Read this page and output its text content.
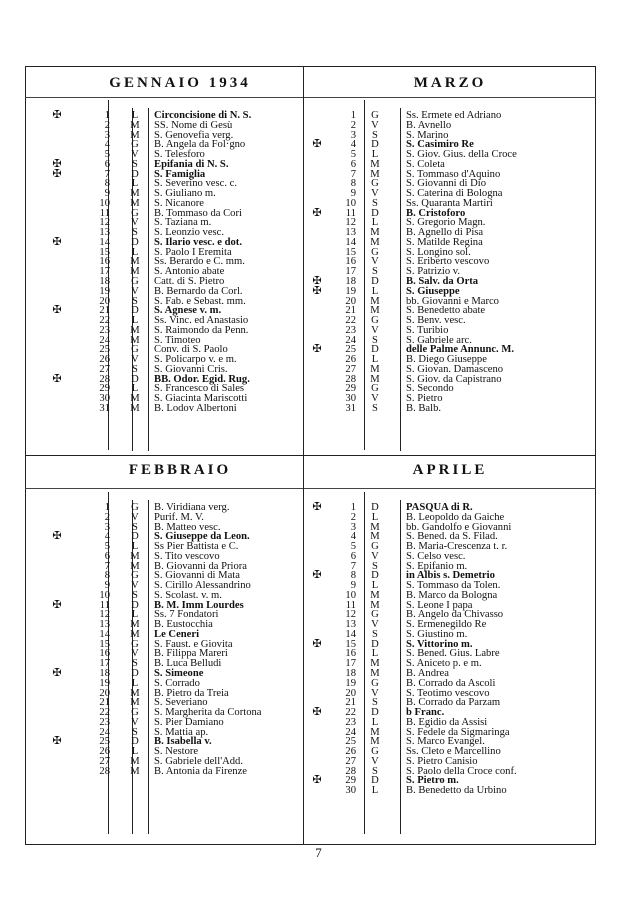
GENNAIO 1934	MARZO
FEBBRAIO	APRILE
✠	1	L	Circoncisione di N. S.
2 M SS. Nome di Gesù
3 M S. Genovefia verg.
4 G B. Angela da Fol·gno
5 V S. Telesforo
✠	6	S	Epifania di N. S.
✠	7 D S. Famiglia
8	L	S. Severino vesc. c.
9 M S. Giuliano m.
10 M S. Nicanore
11 G B. Tommaso da Cori
12 V S. Taziana m.
13	S	S. Leonzio vesc.
✠	14 D S. Ilario vesc. e dot.
15	L	S. Paolo I Eremita
16 M Ss. Berardo e C. mm.
17 M S. Antonio abate
18 G Catt. di S. Pietro
19 V B. Bernardo da Corl.
20	S	S. Fab. e Sebast. mm.
✠	21 D S. Agnese v. m.
22	L	Ss. Vinc. ed Anastasio
23 M S. Raimondo da Penn.
24 M S. Timoteo
25 G Conv. di S. Paolo
26 V S. Policarpo v. e m.
27	S	S. Giovanni Cris.
✠	28 D BB. Odor. Egid. Rug.
29	L	S. Francesco di Sales
30 M S. Giacinta Mariscotti
31 M B. Lodov Albertoni
1 G	Ss. Ermete ed Adriano
2 V	B. Avnello
3	S	S. Marino
✠	4 D	S. Casimiro Re
5	L	S. Giov. Gius. della Croce
6 M S. Coleta
7 M S. Tommaso d'Aquino
8 G	S. Giovanni di Dio
9 V	S. Caterina di Bologna
10	S	Ss. Quaranta Martiri
✠	11 D	B. Cristoforo
12	L	S. Gregorio Magn.
13 M B. Agnello di Pisa
14 M S. Matilde Regina
15 G	S. Longino sol.
16 V	S. Eriberto vescovo
17	S	S. Patrizio v.
✠	18 D	B. Salv. da Orta
✠	19	L	S. Giuseppe
20 M bb. Giovanni e Marco
21 M S. Benedetto abate
22 G	S. Benv. vesc.
23 V	S. Turibio
24	S	S. Gabriele arc.
✠	25 D	delle Palme Annunc. M.
26	L	B. Diego Giuseppe
27 M S. Giovan. Damasceno
28 M S. Giov. da Capistrano
29 G	S. Secondo
30 V	S. Pietro
31	S	B. Balb.
1 G B. Viridiana verg.
2 V Purif. M. V.
3	S	B. Matteo vesc.
✠	4 D S. Giuseppe da Leon.
5	L	Ss Pier Battista e C.
6 M S. Tito vescovo
7 M B. Giovanni da Priora
8 G S. Giovanni di Mata
9 V S. Cirillo Alessandrino
10	S	S. Scolast. v. m.
✠	11 D B. M. Imm Lourdes
12	L	Ss. 7 Fondatori
13 M B. Eustocchia
14 M Le Ceneri
15 G S. Faust. e Giovita
16 V B. Filippa Mareri
17	S	B. Luca Belludi
✠	18 D S. Simeone
19	L	S. Corrado
20 M B. Pietro da Treia
21 M S. Severiano
22 G S. Margherita da Cortona
23 V S. Pier Damiano
24	S	S. Mattia ap.
✠	25 D B. Isabella v.
26	L	S. Nestore
27 M S. Gabriele dell'Add.
28 M B. Antonia da Firenze
✠	1 D	PASQUA di R.
2	L	B. Leopoldo da Gaiche
3 M bb. Gandolfo e Giovanni
4 M S. Bened. da S. Filad.
5 G	B. Maria-Crescenza t. r.
6 V	S. Celso vesc.
7	S	S. Epifanio m.
✠	8 D	in Albis s. Demetrio
9	L	S. Tommaso da Tolen.
10 M B. Marco da Bologna
11 M S. Leone I papa
12 G	B. Angelo da Chivasso
13 V	S. Ermenegildo Re
14	S	S. Giustino m.
✠	15 D	S. Vittorino m.
16	L	S. Bened. Gius. Labre
17 M S. Aniceto p. e m.
18 M B. Andrea
19 G	B. Corrado da Ascoli
20 V	S. Teotimo vescovo
21	S	B. Corrado da Parzam
✠	22 D	b Franc.
23	L	B. Egidio da Assisi
24 M S. Fedele da Sigmaringa
25 M S. Marco Evangel.
26 G	Ss. Cleto e Marcellino
27 V	S. Pietro Canisio
28	S	S. Paolo della Croce conf.
✠	29 D	S. Pietro m.
30	L	B. Benedetto da Urbino
7
